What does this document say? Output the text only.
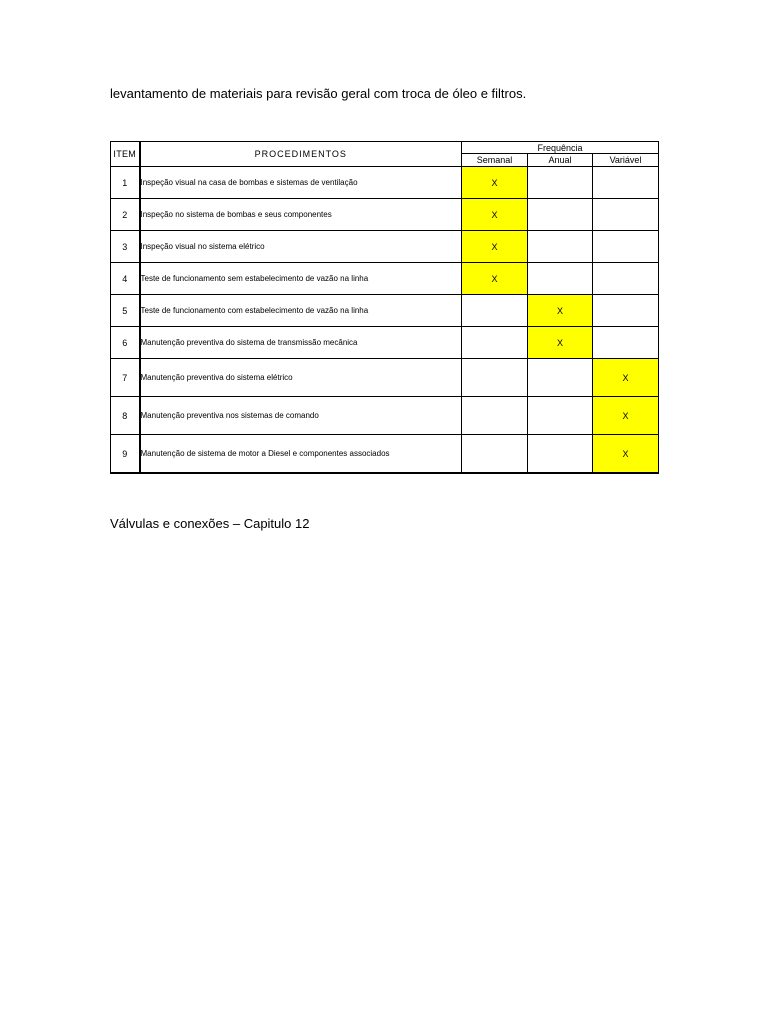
levantamento de materiais para revisão geral com troca de óleo e filtros.
ITEM	PROCEDIMENTOS	Frequência		
		Semanal	Anual	Variável
1	Inspeção visual na casa de bombas e sistemas de ventilação	X		
2	Inspeção no sistema de bombas e seus componentes	X		
3	Inspeção visual no sistema elétrico	X		
4	Teste de funcionamento sem estabelecimento de vazão na linha	X		
5	Teste de funcionamento com estabelecimento de vazão na linha		X	
6	Manutenção preventiva do sistema de transmissão mecânica		X	
7	Manutenção preventiva do sistema elétrico			X
8	Manutenção preventiva nos sistemas de comando			X
9	Manutenção de sistema de motor a Diesel e componentes associados			X
Válvulas e conexões – Capitulo 12
